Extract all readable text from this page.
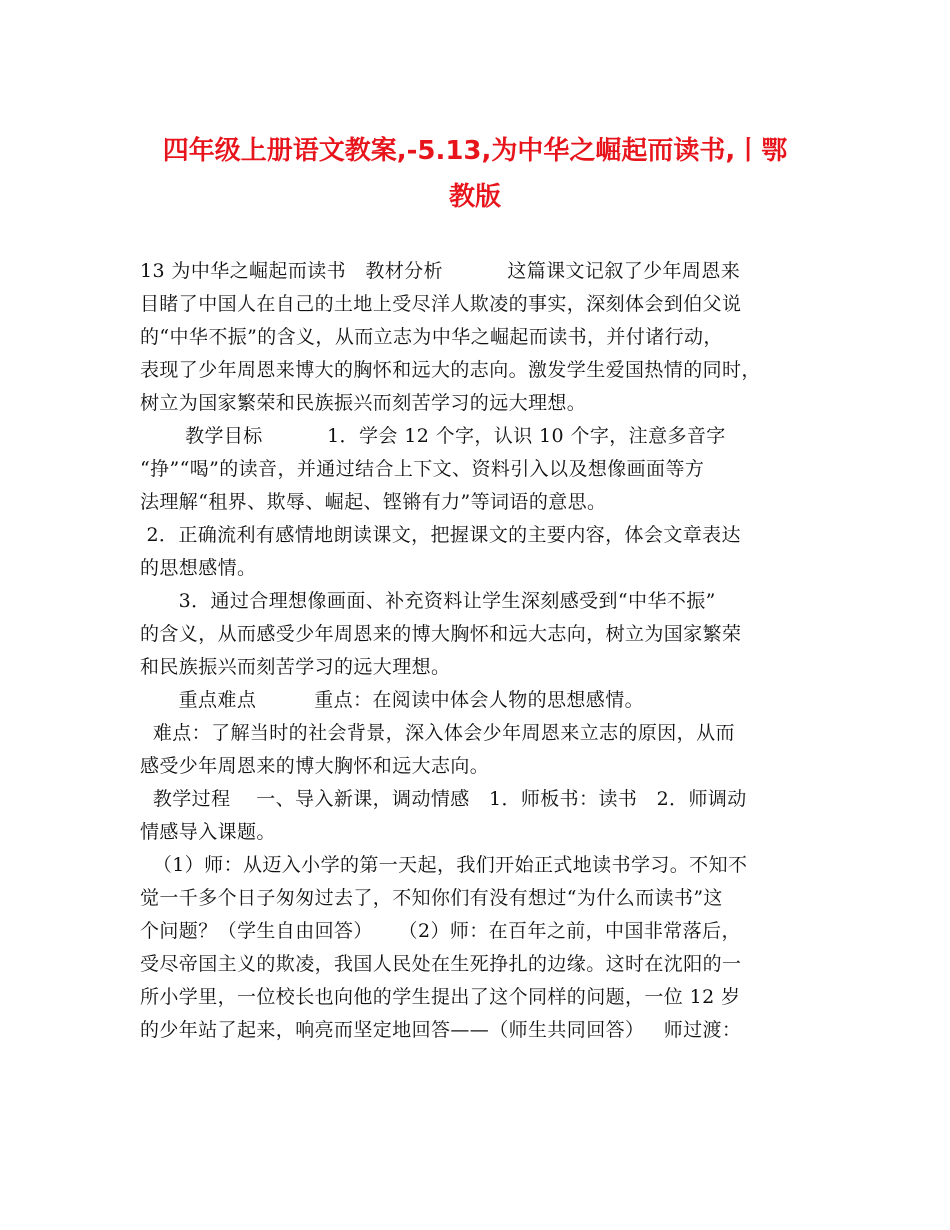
四年级上册语文教案,-5.13,为中华之崛起而读书,丨鄂
教版
13 为中华之崛起而读书   教材分析          这篇课文记叙了少年周恩来
目睹了中国人在自己的土地上受尽洋人欺凌的事实，深刻体会到伯父说
的“中华不振”的含义，从而立志为中华之崛起而读书，并付诸行动，
表现了少年周恩来博大的胸怀和远大的志向。激发学生爱国热情的同时，
树立为国家繁荣和民族振兴而刻苦学习的远大理想。
教学目标          1．学会 12 个字，认识 10 个字，注意多音字
“挣”“喝”的读音，并通过结合上下文、资料引入以及想像画面等方
法理解“租界、欺辱、崛起、铿锵有力”等词语的意思。
2．正确流利有感情地朗读课文，把握课文的主要内容，体会文章表达
的思想感情。
3．通过合理想像画面、补充资料让学生深刻感受到“中华不振”
的含义，从而感受少年周恩来的博大胸怀和远大志向，树立为国家繁荣
和民族振兴而刻苦学习的远大理想。
重点难点         重点：在阅读中体会人物的思想感情。
难点：了解当时的社会背景，深入体会少年周恩来立志的原因，从而
感受少年周恩来的博大胸怀和远大志向。
教学过程    一、导入新课，调动情感   1．师板书：读书   2．师调动
情感导入课题。
（1）师：从迈入小学的第一天起，我们开始正式地读书学习。不知不
觉一千多个日子匆匆过去了，不知你们有没有想过“为什么而读书”这
个问题？（学生自由回答）    （2）师：在百年之前，中国非常落后，
受尽帝国主义的欺凌，我国人民处在生死挣扎的边缘。这时在沈阳的一
所小学里，一位校长也向他的学生提出了这个同样的问题，一位 12 岁
的少年站了起来，响亮而坚定地回答——（师生共同回答）   师过渡：
